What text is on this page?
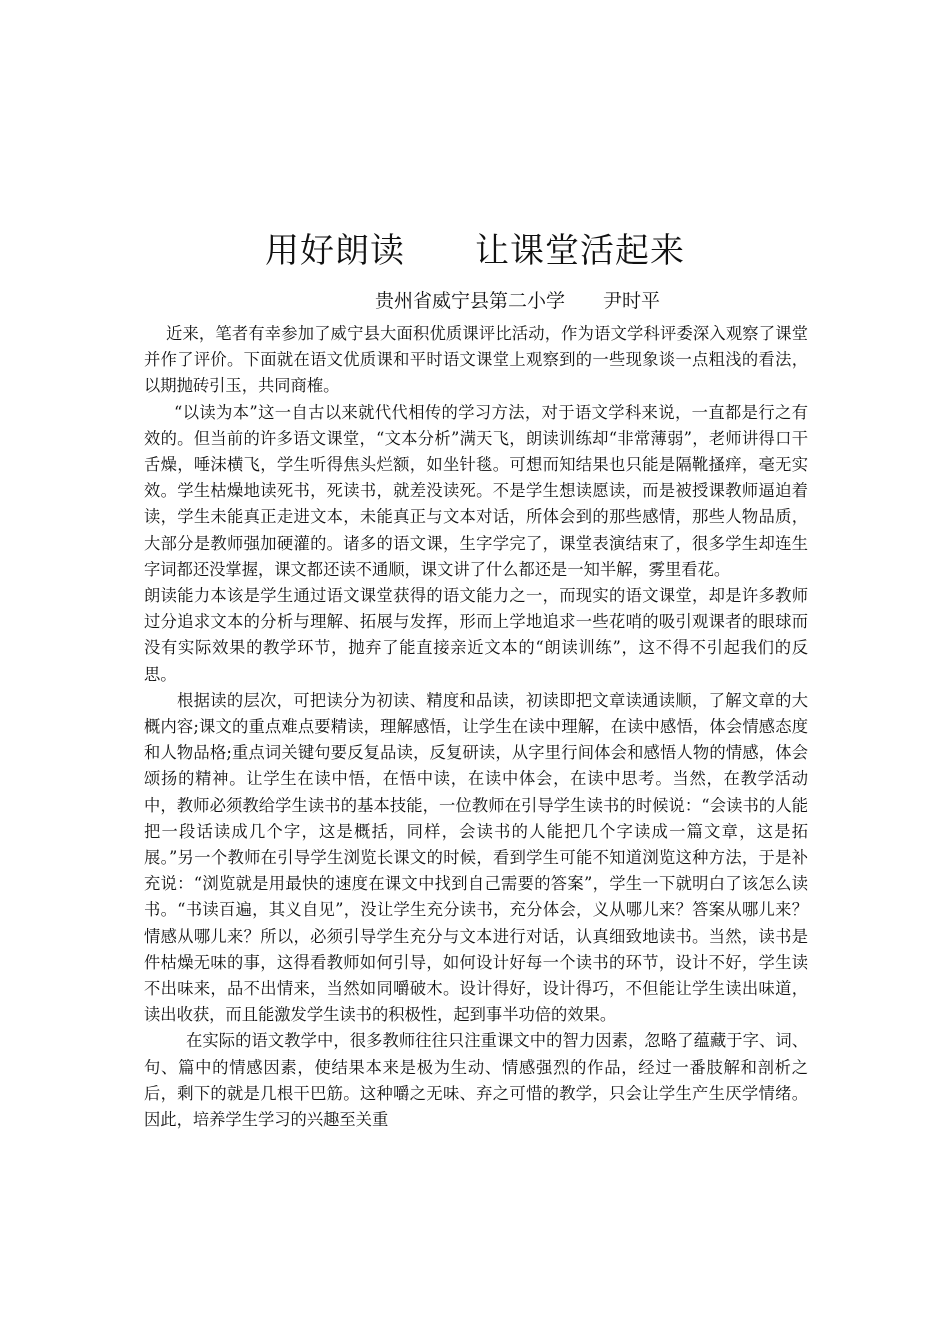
用好朗读　　让课堂活起来
贵州省威宁县第二小学　　尹时平

近来，笔者有幸参加了威宁县大面积优质课评比活动，作为语文学科评委深入观察了课堂并作了评价。下面就在语文优质课和平时语文课堂上观察到的一些现象谈一点粗浅的看法，以期抛砖引玉，共同商榷。

“以读为本”这一自古以来就代代相传的学习方法，对于语文学科来说，一直都是行之有效的。但当前的许多语文课堂，“文本分析”满天飞，朗读训练却“非常薄弱”，老师讲得口干舌燥，唾沫横飞，学生听得焦头烂额，如坐针毯。可想而知结果也只能是隔靴搔痒，毫无实效。学生枯燥地读死书，死读书，就差没读死。不是学生想读愿读，而是被授课教师逼迫着读，学生未能真正走进文本，未能真正与文本对话，所体会到的那些感情，那些人物品质，大部分是教师强加硬灌的。诸多的语文课，生字学完了，课堂表演结束了，很多学生却连生字词都还没掌握，课文都还读不通顺，课文讲了什么都还是一知半解，雾里看花。

朗读能力本该是学生通过语文课堂获得的语文能力之一，而现实的语文课堂，却是许多教师过分追求文本的分析与理解、拓展与发挥，形而上学地追求一些花哨的吸引观课者的眼球而没有实际效果的教学环节，抛弃了能直接亲近文本的“朗读训练”，这不得不引起我们的反思。

根据读的层次，可把读分为初读、精度和品读，初读即把文章读通读顺，了解文章的大概内容;课文的重点难点要精读，理解感悟，让学生在读中理解，在读中感悟，体会情感态度和人物品格;重点词关键句要反复品读，反复研读，从字里行间体会和感悟人物的情感，体会颂扬的精神。让学生在读中悟，在悟中读，在读中体会，在读中思考。当然，在教学活动中，教师必须教给学生读书的基本技能，一位教师在引导学生读书的时候说：“会读书的人能把一段话读成几个字，这是概括，同样，会读书的人能把几个字读成一篇文章，这是拓展。”另一个教师在引导学生浏览长课文的时候，看到学生可能不知道浏览这种方法，于是补充说：“浏览就是用最快的速度在课文中找到自己需要的答案”，学生一下就明白了该怎么读书。“书读百遍，其义自见”，没让学生充分读书，充分体会，义从哪儿来？答案从哪儿来？情感从哪儿来？所以，必须引导学生充分与文本进行对话，认真细致地读书。当然，读书是件枯燥无味的事，这得看教师如何引导，如何设计好每一个读书的环节，设计不好，学生读不出味来，品不出情来，当然如同嚼破木。设计得好，设计得巧，不但能让学生读出味道，读出收获，而且能激发学生读书的积极性，起到事半功倍的效果。

在实际的语文教学中，很多教师往往只注重课文中的智力因素，忽略了蕴藏于字、词、句、篇中的情感因素，使结果本来是极为生动、情感强烈的作品，经过一番肢解和剖析之后，剩下的就是几根干巴筋。这种嚼之无味、弃之可惜的教学，只会让学生产生厌学情绪。因此，培养学生学习的兴趣至关重
